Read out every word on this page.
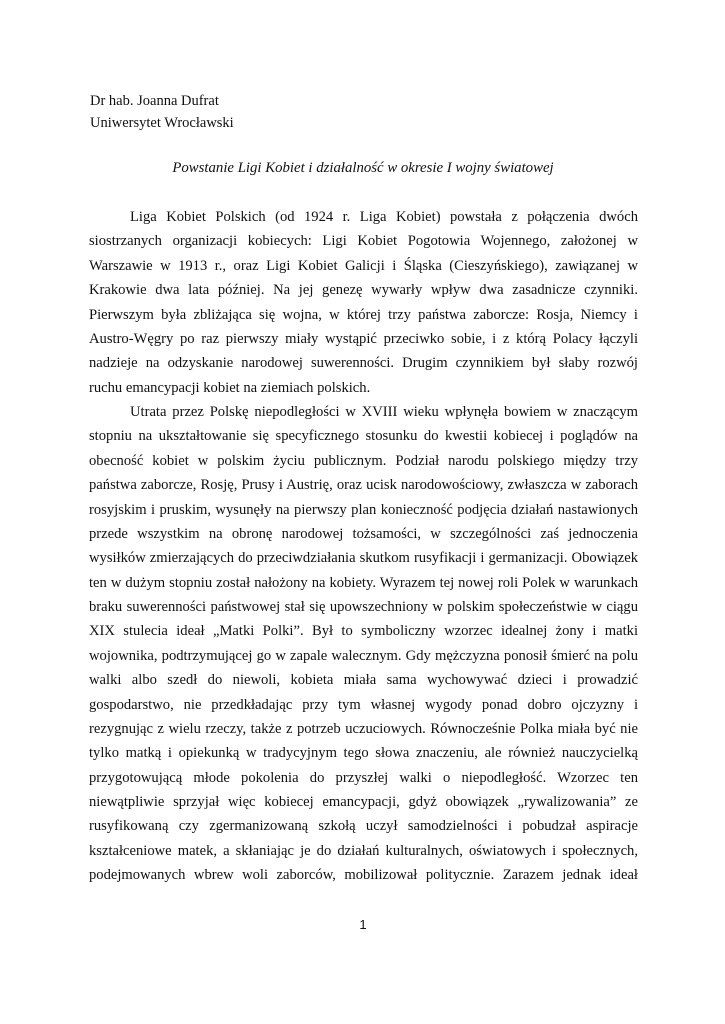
Dr hab. Joanna Dufrat
Uniwersytet Wrocławski
Powstanie Ligi Kobiet i działalność w okresie I wojny światowej
Liga Kobiet Polskich (od 1924 r. Liga Kobiet) powstała z połączenia dwóch
siostrzanych organizacji kobiecych: Ligi Kobiet Pogotowia Wojennego, założonej w
Warszawie w 1913 r., oraz Ligi Kobiet Galicji i Śląska (Cieszyńskiego), zawiązanej w
Krakowie dwa lata później. Na jej genezę wywarły wpływ dwa zasadnicze czynniki.
Pierwszym była zbliżająca się wojna, w której trzy państwa zaborcze: Rosja, Niemcy i
Austro-Węgry po raz pierwszy miały wystąpić przeciwko sobie, i z którą Polacy łączyli
nadzieje na odzyskanie narodowej suwerenności. Drugim czynnikiem był słaby rozwój
ruchu emancypacji kobiet na ziemiach polskich.
Utrata przez Polskę niepodległości w XVIII wieku wpłynęła bowiem w znaczącym
stopniu na ukształtowanie się specyficznego stosunku do kwestii kobiecej i poglądów na
obecność kobiet w polskim życiu publicznym. Podział narodu polskiego między trzy
państwa zaborcze, Rosję, Prusy i Austrię, oraz ucisk narodowościowy, zwłaszcza w zaborach
rosyjskim i pruskim, wysunęły na pierwszy plan konieczność podjęcia działań nastawionych
przede wszystkim na obronę narodowej tożsamości, w szczególności zaś jednoczenia
wysiłków zmierzających do przeciwdziałania skutkom rusyfikacji i germanizacji. Obowiązek
ten w dużym stopniu został nałożony na kobiety. Wyrazem tej nowej roli Polek w warunkach
braku suwerenności państwowej stał się upowszechniony w polskim społeczeństwie w ciągu
XIX stulecia ideał „Matki Polki”. Był to symboliczny wzorzec idealnej żony i matki
wojownika, podtrzymującej go w zapale walecznym. Gdy mężczyzna ponosił śmierć na polu
walki albo szedł do niewoli, kobieta miała sama wychowywać dzieci i prowadzić
gospodarstwo, nie przedkładając przy tym własnej wygody ponad dobro ojczyzny i
rezygnując z wielu rzeczy, także z potrzeb uczuciowych. Równocześnie Polka miała być nie
tylko matką i opiekunką w tradycyjnym tego słowa znaczeniu, ale również nauczycielką
przygotowującą młode pokolenia do przyszłej walki o niepodległość. Wzorzec ten
niewątpliwie sprzyjał więc kobiecej emancypacji, gdyż obowiązek „rywalizowania” ze
rusyfikowaną czy zgermanizowaną szkołą uczył samodzielności i pobudzał aspiracje
kształceniowe matek, a skłaniając je do działań kulturalnych, oświatowych i społecznych,
podejmowanych wbrew woli zaborców, mobilizował politycznie. Zarazem jednak ideał
1
